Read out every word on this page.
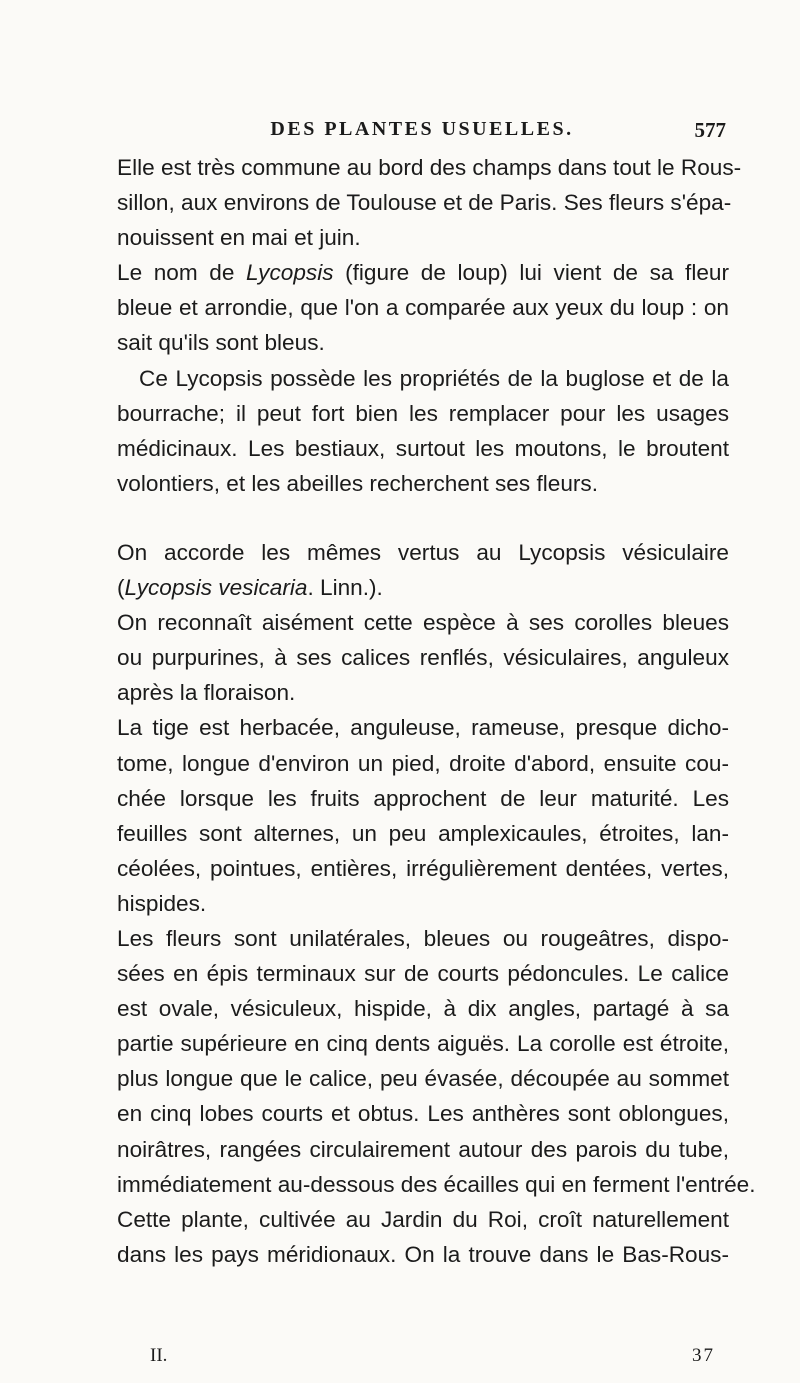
DES PLANTES USUELLES.	577
Elle est très commune au bord des champs dans tout le Rous-
sillon, aux environs de Toulouse et de Paris. Ses fleurs s'épa-
nouissent en mai et juin.
Le nom de Lycopsis (figure de loup) lui vient de sa fleur
bleue et arrondie, que l'on a comparée aux yeux du loup : on
sait qu'ils sont bleus.
Ce Lycopsis possède les propriétés de la buglose et de la
bourrache; il peut fort bien les remplacer pour les usages
médicinaux. Les bestiaux, surtout les moutons, le broutent
volontiers, et les abeilles recherchent ses fleurs.
On accorde les mêmes vertus au Lycopsis vésiculaire
(Lycopsis vesicaria. Linn.).
On reconnaît aisément cette espèce à ses corolles bleues
ou purpurines, à ses calices renflés, vésiculaires, anguleux
après la floraison.
La tige est herbacée, anguleuse, rameuse, presque dicho-
tome, longue d'environ un pied, droite d'abord, ensuite cou-
chée lorsque les fruits approchent de leur maturité. Les
feuilles sont alternes, un peu amplexicaules, étroites, lan-
céolées, pointues, entières, irrégulièrement dentées, vertes,
hispides.
Les fleurs sont unilatérales, bleues ou rougeâtres, dispo-
sées en épis terminaux sur de courts pédoncules. Le calice
est ovale, vésiculeux, hispide, à dix angles, partagé à sa
partie supérieure en cinq dents aiguës. La corolle est étroite,
plus longue que le calice, peu évasée, découpée au sommet
en cinq lobes courts et obtus. Les anthères sont oblongues,
noirâtres, rangées circulairement autour des parois du tube,
immédiatement au-dessous des écailles qui en ferment l'entrée.
Cette plante, cultivée au Jardin du Roi, croît naturellement
dans les pays méridionaux. On la trouve dans le Bas-Rous-
II.	37
